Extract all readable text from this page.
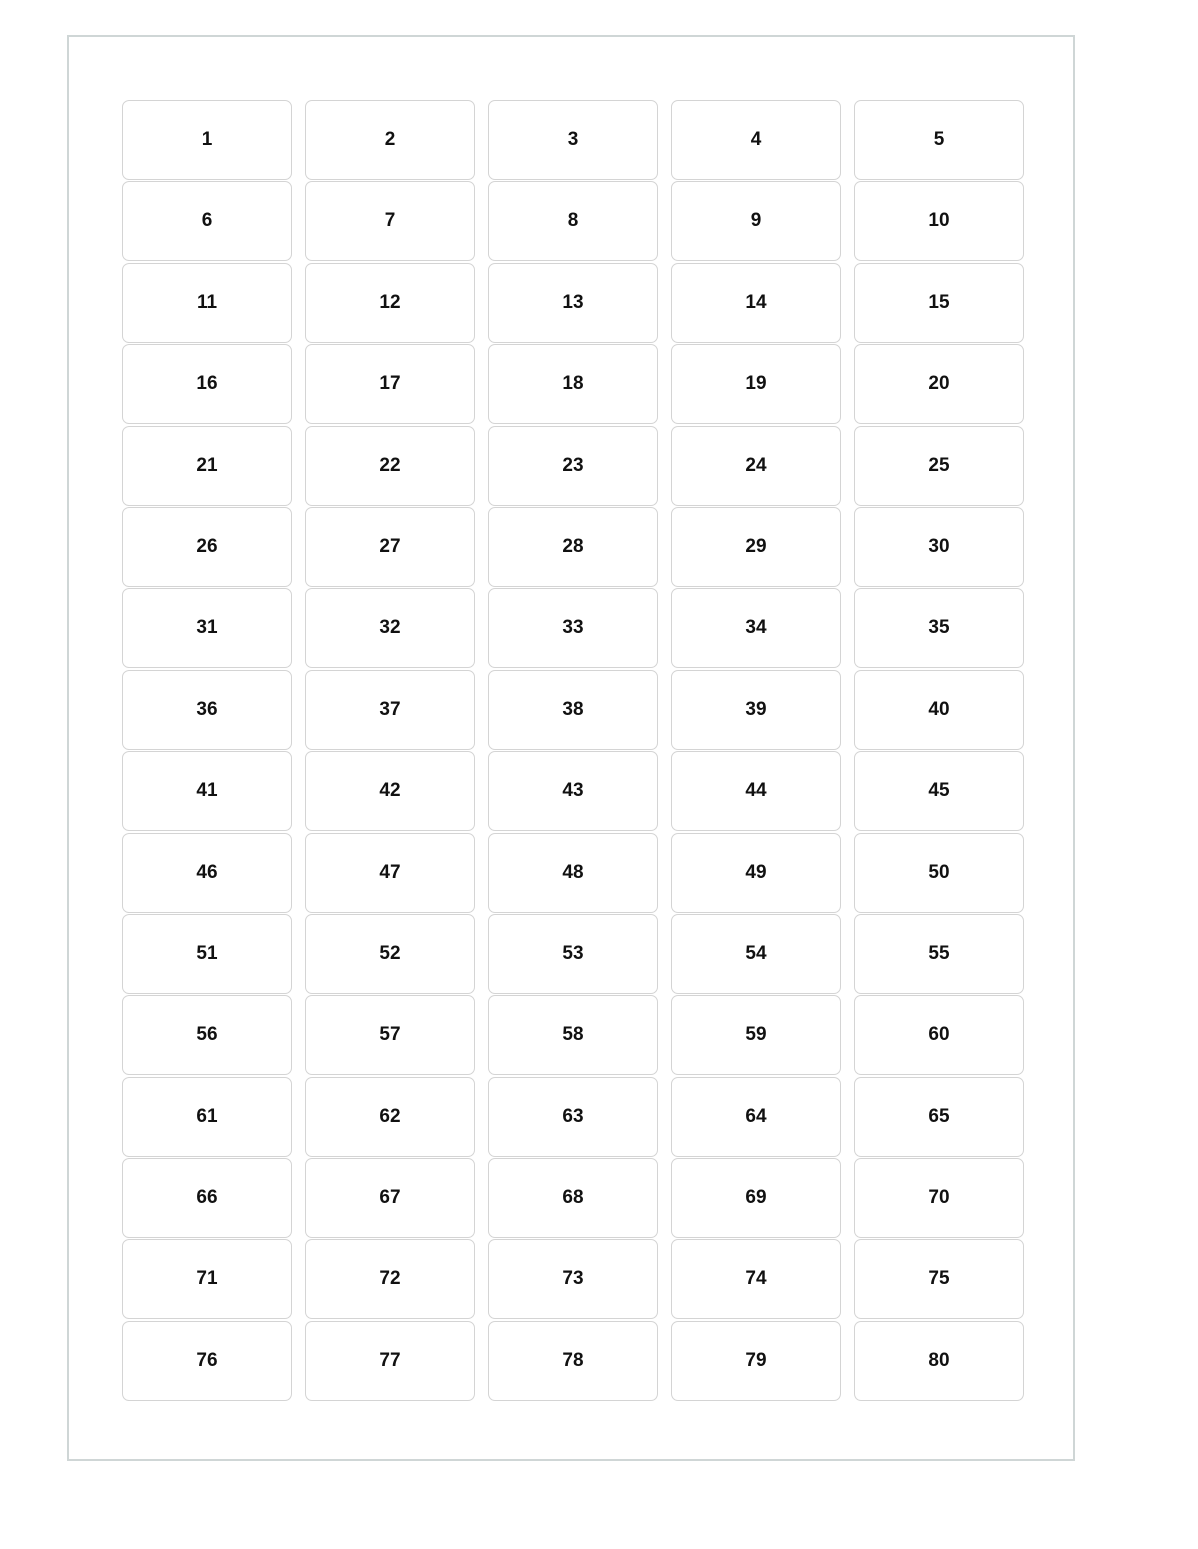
1	2	3	4	5
6	7	8	9	10
11	12	13	14	15
16	17	18	19	20
21	22	23	24	25
26	27	28	29	30
31	32	33	34	35
36	37	38	39	40
41	42	43	44	45
46	47	48	49	50
51	52	53	54	55
56	57	58	59	60
61	62	63	64	65
66	67	68	69	70
71	72	73	74	75
76	77	78	79	80
